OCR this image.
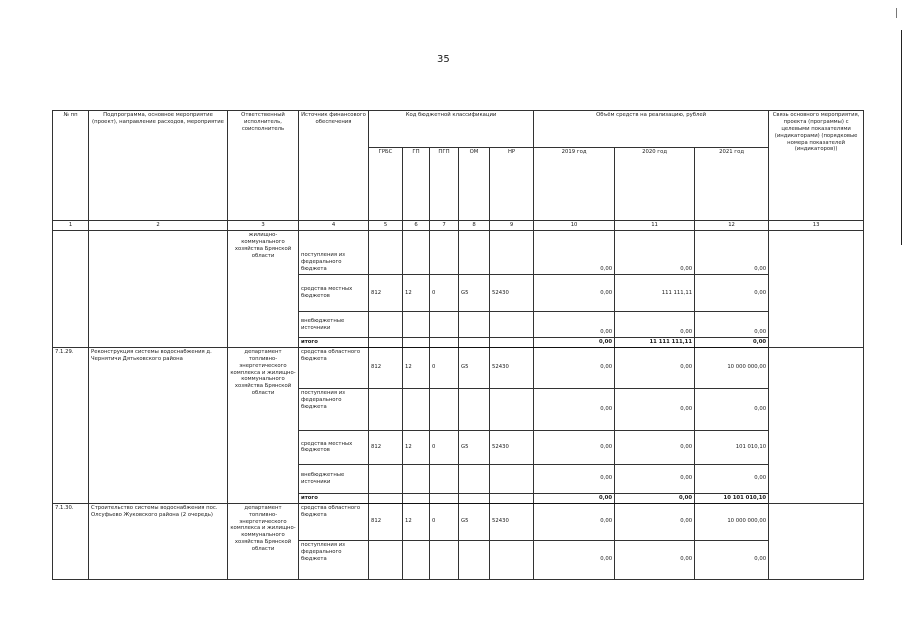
35
№ пп	Подпрограмма, основное мероприятие (проект), направление расходов, мероприятие	Ответственный исполнитель, соисполнитель	Источник финансового обеспечения	Код бюджетной классификации					Объём средств на реализацию, рублей			Связь основного мероприятия, проекта (программы) с целевыми показателями (индикаторами) (порядковые номера показателей (индикаторов))
				ГРБС	ГП	ПГП	ОМ	НР	2019 год	2020 год	2021 год	
1	2	3	4	5	6	7	8	9	10	11	12	13
		жилищно-коммунального хозяйства Брянской области	поступления из федерального бюджета						0,00	0,00	0,00	
			средства местных бюджетов	812	12	0	G5	52430	0,00	111 111,11	0,00	
			внебюджетные источники						0,00	0,00	0,00	
			итого						0,00	11 111 111,11	0,00	
7.1.29.	Реконструкция системы водоснабжения д. Чернятичи Дятьковского района	департамент топливно-энергетического комплекса и жилищно-коммунального хозяйства Брянской области	средства областного бюджета	812	12	0	G5	52430	0,00	0,00	10 000 000,00	
			поступления из федерального бюджета						0,00	0,00	0,00	
			средства местных бюджетов	812	12	0	G5	52430	0,00	0,00	101 010,10	
			внебюджетные источники						0,00	0,00	0,00	
			итого						0,00	0,00	10 101 010,10	
7.1.30.	Строительство системы водоснабжения пос. Олсуфьево Жуковского района (2 очередь)	департамент топливно-энергетического комплекса и жилищно-коммунального хозяйства Брянской области	средства областного бюджета	812	12	0	G5	52430	0,00	0,00	10 000 000,00	
			поступления из федерального бюджета						0,00	0,00	0,00	
